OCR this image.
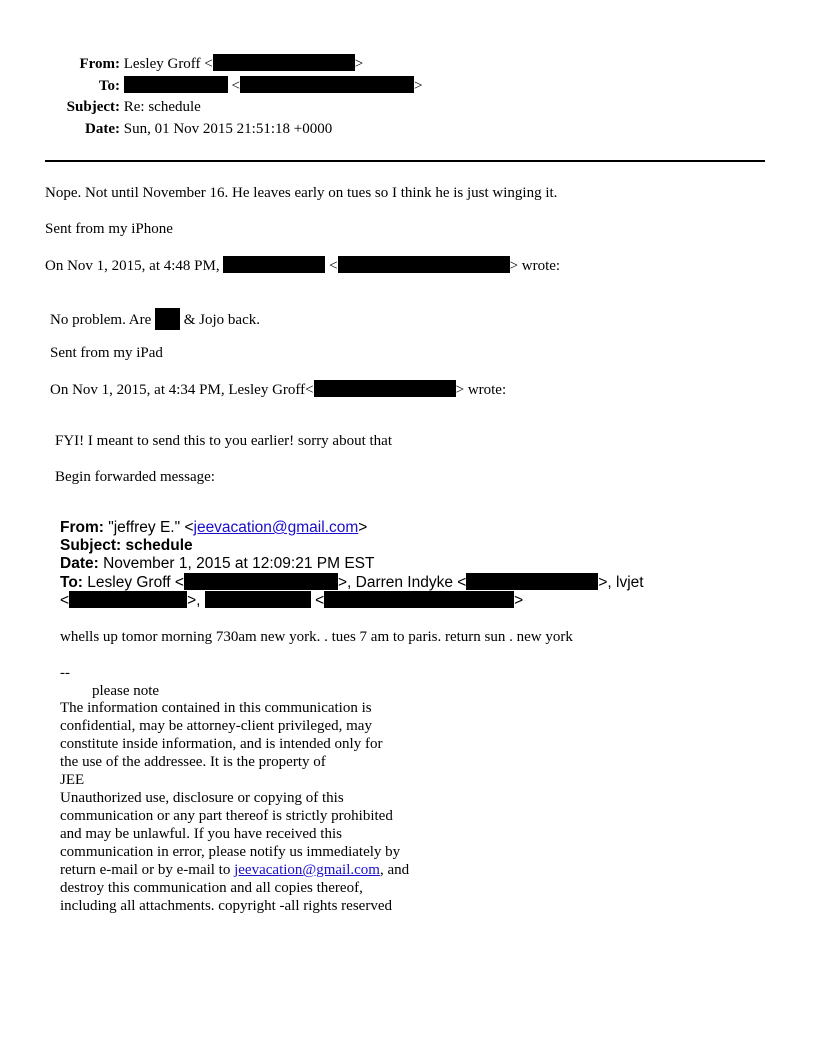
From: Lesley Groff <	>
To:	<	>
Subject: Re: schedule
Date: Sun, 01 Nov 2015 21:51:18 +0000
Nope. Not until November 16. He leaves early on tues so I think he is just winging it.
Sent from my iPhone
On Nov 1, 2015, at 4:48 PM,	<	> wrote:
No problem. Are & Jojo back.
Sent from my iPad
On Nov 1, 2015, at 4:34 PM, Lesley Groff<	> wrote:
FYI! I meant to send this to you earlier! sorry about that
Begin forwarded message:
From: "jeffrey E." <jeevacation@gmail.com>
Subject: schedule
Date: November 1, 2015 at 12:09:21 PM EST
To: Lesley Groff <	>, Darren Indyke <	>, lvjet
<	>,	<	>
whells up tomor morning 730am new york. . tues 7 am to paris. return sun . new york
--
please note
The information contained in this communication is
confidential, may be attorney-client privileged, may
constitute inside information, and is intended only for
the use of the addressee. It is the property of
JEE
Unauthorized use, disclosure or copying of this
communication or any part thereof is strictly prohibited
and may be unlawful. If you have received this
communication in error, please notify us immediately by
return e-mail or by e-mail to jeevacation@gmail.com, and
destroy this communication and all copies thereof,
including all attachments. copyright -all rights reserved
